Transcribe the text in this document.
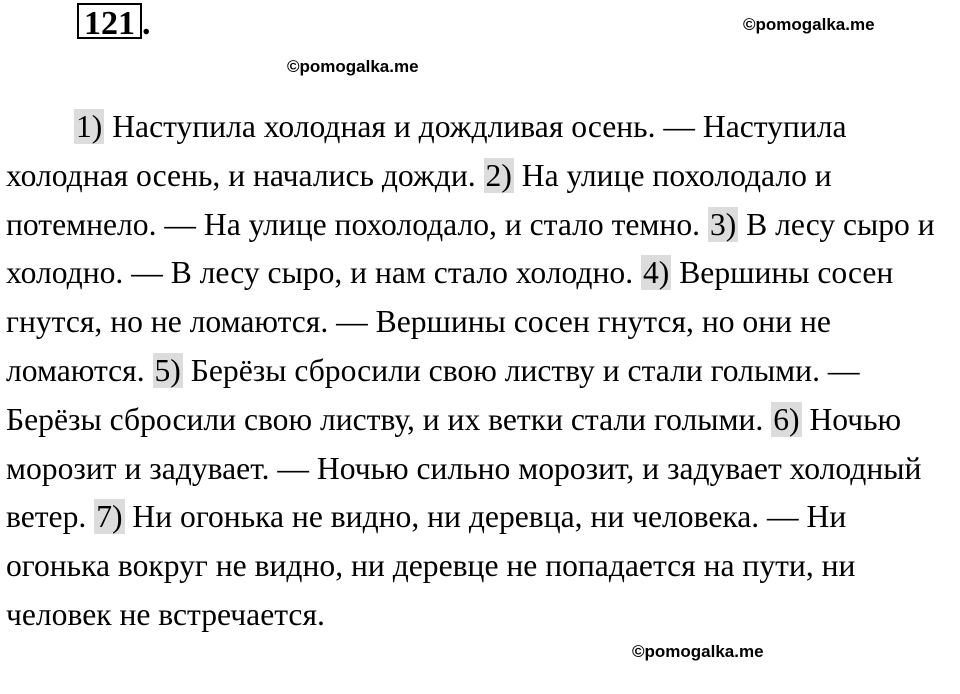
121 .	©pomogalka.me
©pomogalka.me

1) Наступила холодная и дождливая осень. — Наступила холодная осень, и начались дожди. 2) На улице похолодало и потемнело. — На улице похолодало, и стало темно. 3) В лесу сыро и холодно. — В лесу сыро, и нам стало холодно. 4) Вершины сосен гнутся, но не ломаются. — Вершины сосен гнутся, но они не ломаются. 5) Берёзы сбросили свою листву и стали голыми. — Берёзы сбросили свою листву, и их ветки стали голыми. 6) Ночью морозит и задувает. — Ночью сильно морозит, и задувает холодный ветер. 7) Ни огонька не видно, ни деревца, ни человека. — Ни огонька вокруг не видно, ни деревце не попадается на пути, ни человек не встречается.

©pomogalka.me
